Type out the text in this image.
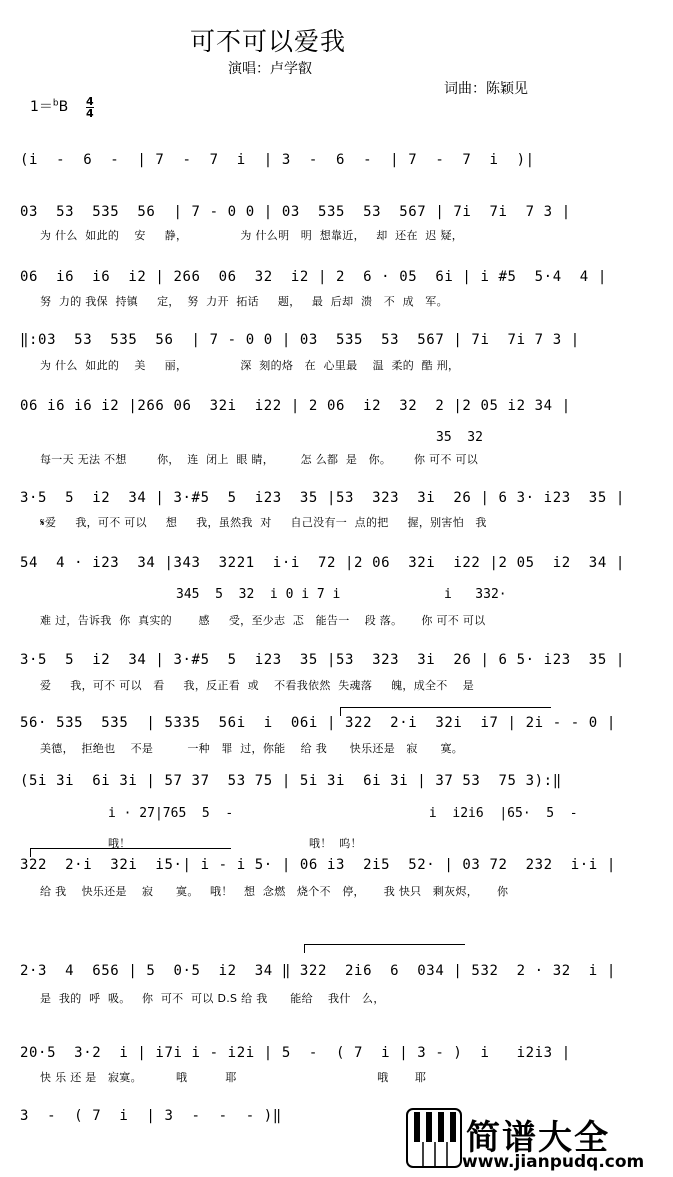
可不可以爱我
演唱：卢学叡
词曲：陈颖见
1＝$^b$B 4
4
(i  -  6  -  | 7  -  7  i  | 3  -  6  -  | 7  -  7  i  )|
03  53  535  56  | 7 - 0 0 | 03  535  53  567 | 7i  7i  7 3 |
为 什么  如此的    安     静，              为 什么明   明  想靠近，   却  还在  迟 疑，
06  i6  i6  i2 | 266  06  32  i2 | 2  6 · 05  6i | i #5  5·4  4 |
努  力的 我保  持镇     定，  努  力开  拓话     题，   最  后却  溃   不  成   军。
‖:03  53  535  56  | 7 - 0 0 | 03  535  53  567 | 7i  7i 7 3 |
为 什么  如此的    美     丽，              深  刻的烙   在  心里最    温  柔的  酷 刑，
06 i6 i6 i2 |266 06  32i  i22 | 2 06  i2  32  2 |2 05 i2 34 |
35  32
每一天 无法 不想        你，  连  闭上  眼 睛，       怎 么都  是   你。      你 可不 可以
3·5  5  i2  34 | 3·#5  5  i23  35 |53  323  3i  26 | 6 3· i23  35 |
𝄋爱     我，可不 可以     想     我，虽然我  对     自己没有一  点的把     握，别害怕   我
54  4 · i23  34 |343  3221  i·i  72 |2 06  32i  i22 |2 05  i2  34 |
345  5  32  i 0 i 7 i	i   332·
难 过，告诉我  你  真实的       感     受，至少志  忑   能告一    段 落。     你 可不 可以
3·5  5  i2  34 | 3·#5  5  i23  35 |53  323  3i  26 | 6 5· i23  35 |
爱     我，可不 可以   看     我，反正看  或    不看我依然  失魂落     魄，成全不    是
56· 535  535  | 5335  56i  i  06i | 322  2·i  32i  i7 | 2i - - 0 |
美德，  拒绝也    不是         一种   罪  过，你能    给 我      快乐还是   寂      寞。
(5i 3i  6i 3i | 57 37  53 75 | 5i 3i  6i 3i | 37 53  75 3):‖
i · 27|765  5  -                         i  i2i6  |65·  5  -
哦！                                               哦！  呜！
322  2·i  32i  i5·| i - i 5· | 06 i3  2i5  52· | 03 72  232  i·i |
给 我    快乐还是    寂      寞。   哦！   想  念燃   烧个不   停，     我 快只   剩灰烬，     你
2·3  4  656 | 5  0·5  i2  34 ‖ 322  2i6  6  034 | 532  2 · 32  i |
是  我的  呼  吸。   你  可不  可以 D.S 给 我      能给    我什   么，
20·5  3·2  i | i7i i - i2i | 5  -  ( 7  i | 3 - )  i   i2i3 |
快 乐 还 是   寂寞。         哦          耶                                     哦       耶
3  -  ( 7  i  | 3  -  -  - )‖
简谱大全
www.jianpudq.com
